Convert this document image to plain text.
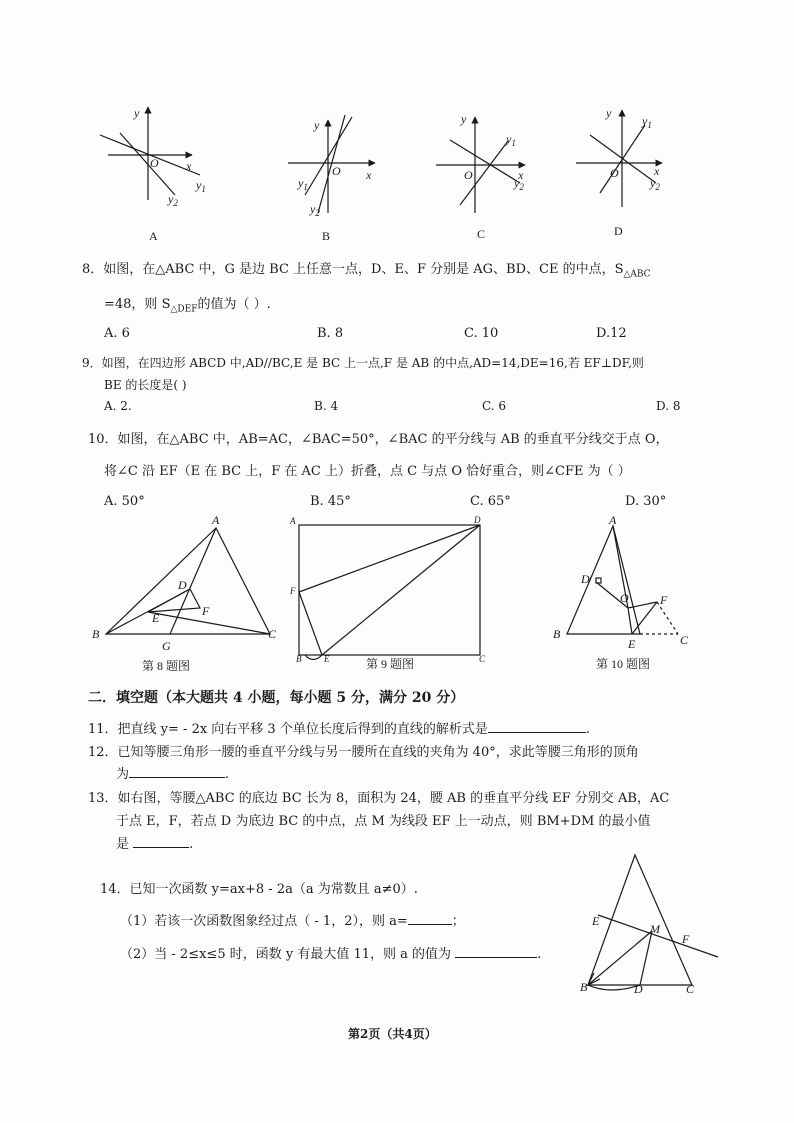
x
y
O
$y_1$
$y_2$
A
x
y
O
$y_1$
$y_2$
B
x
y
O
$y_1$
$y_2$
C
x
y
O
$y_1$
$y_2$
D
8．如图，在△ABC 中，G 是边 BC 上任意一点，D、E、F 分别是 AG、BD、CE 的中点，$S_{\triangle ABC}$
=48，则 $S_{\triangle DEF}$的值为（ ）.
A. 6	B. 8	C. 10	D.12
9．如图，在四边形 ABCD 中,AD//BC,E 是 BC 上一点,F 是 AB 的中点,AD=14,DE=16,若 EF⊥DF,则
BE 的长度是( )
A. 2.	B. 4	C. 6	D. 8
10．如图，在△ABC 中，AB=AC，∠BAC=50°，∠BAC 的平分线与 AB 的垂直平分线交于点 O，
将∠C 沿 EF（E 在 BC 上，F 在 AC 上）折叠，点 C 与点 O 恰好重合，则∠CFE 为（ ）
A. 50°	B. 45°	C. 65°	D. 30°
A
B	C
D
E	F
G
第 8 题图
A	D
F
B	E	C
第 9 题图
A
D
O	F
B
E	C
第 10 题图
二．填空题（本大题共 4 小题，每小题 5 分，满分 20 分）
11．把直线 y= - 2x 向右平移 3 个单位长度后得到的直线的解析式是	.
12．已知等腰三角形一腰的垂直平分线与另一腰所在直线的夹角为 40°，求此等腰三角形的顶角
为	.
13．如右图，等腰△ABC 的底边 BC 长为 8，面积为 24，腰 AB 的垂直平分线 EF 分别交 AB，AC
于点 E，F，若点 D 为底边 BC 的中点，点 M 为线段 EF 上一动点，则 BM+DM 的最小值
是	.
14．已知一次函数 y=ax+8 - 2a（a 为常数且 a≠0）.
（1）若该一次函数图象经过点（ - 1，2），则 a=	；
（2）当 - 2≤x≤5 时，函数 y 有最大值 11，则 a 的值为	.
E
M
F
B	D	C
第2页（共4页）
